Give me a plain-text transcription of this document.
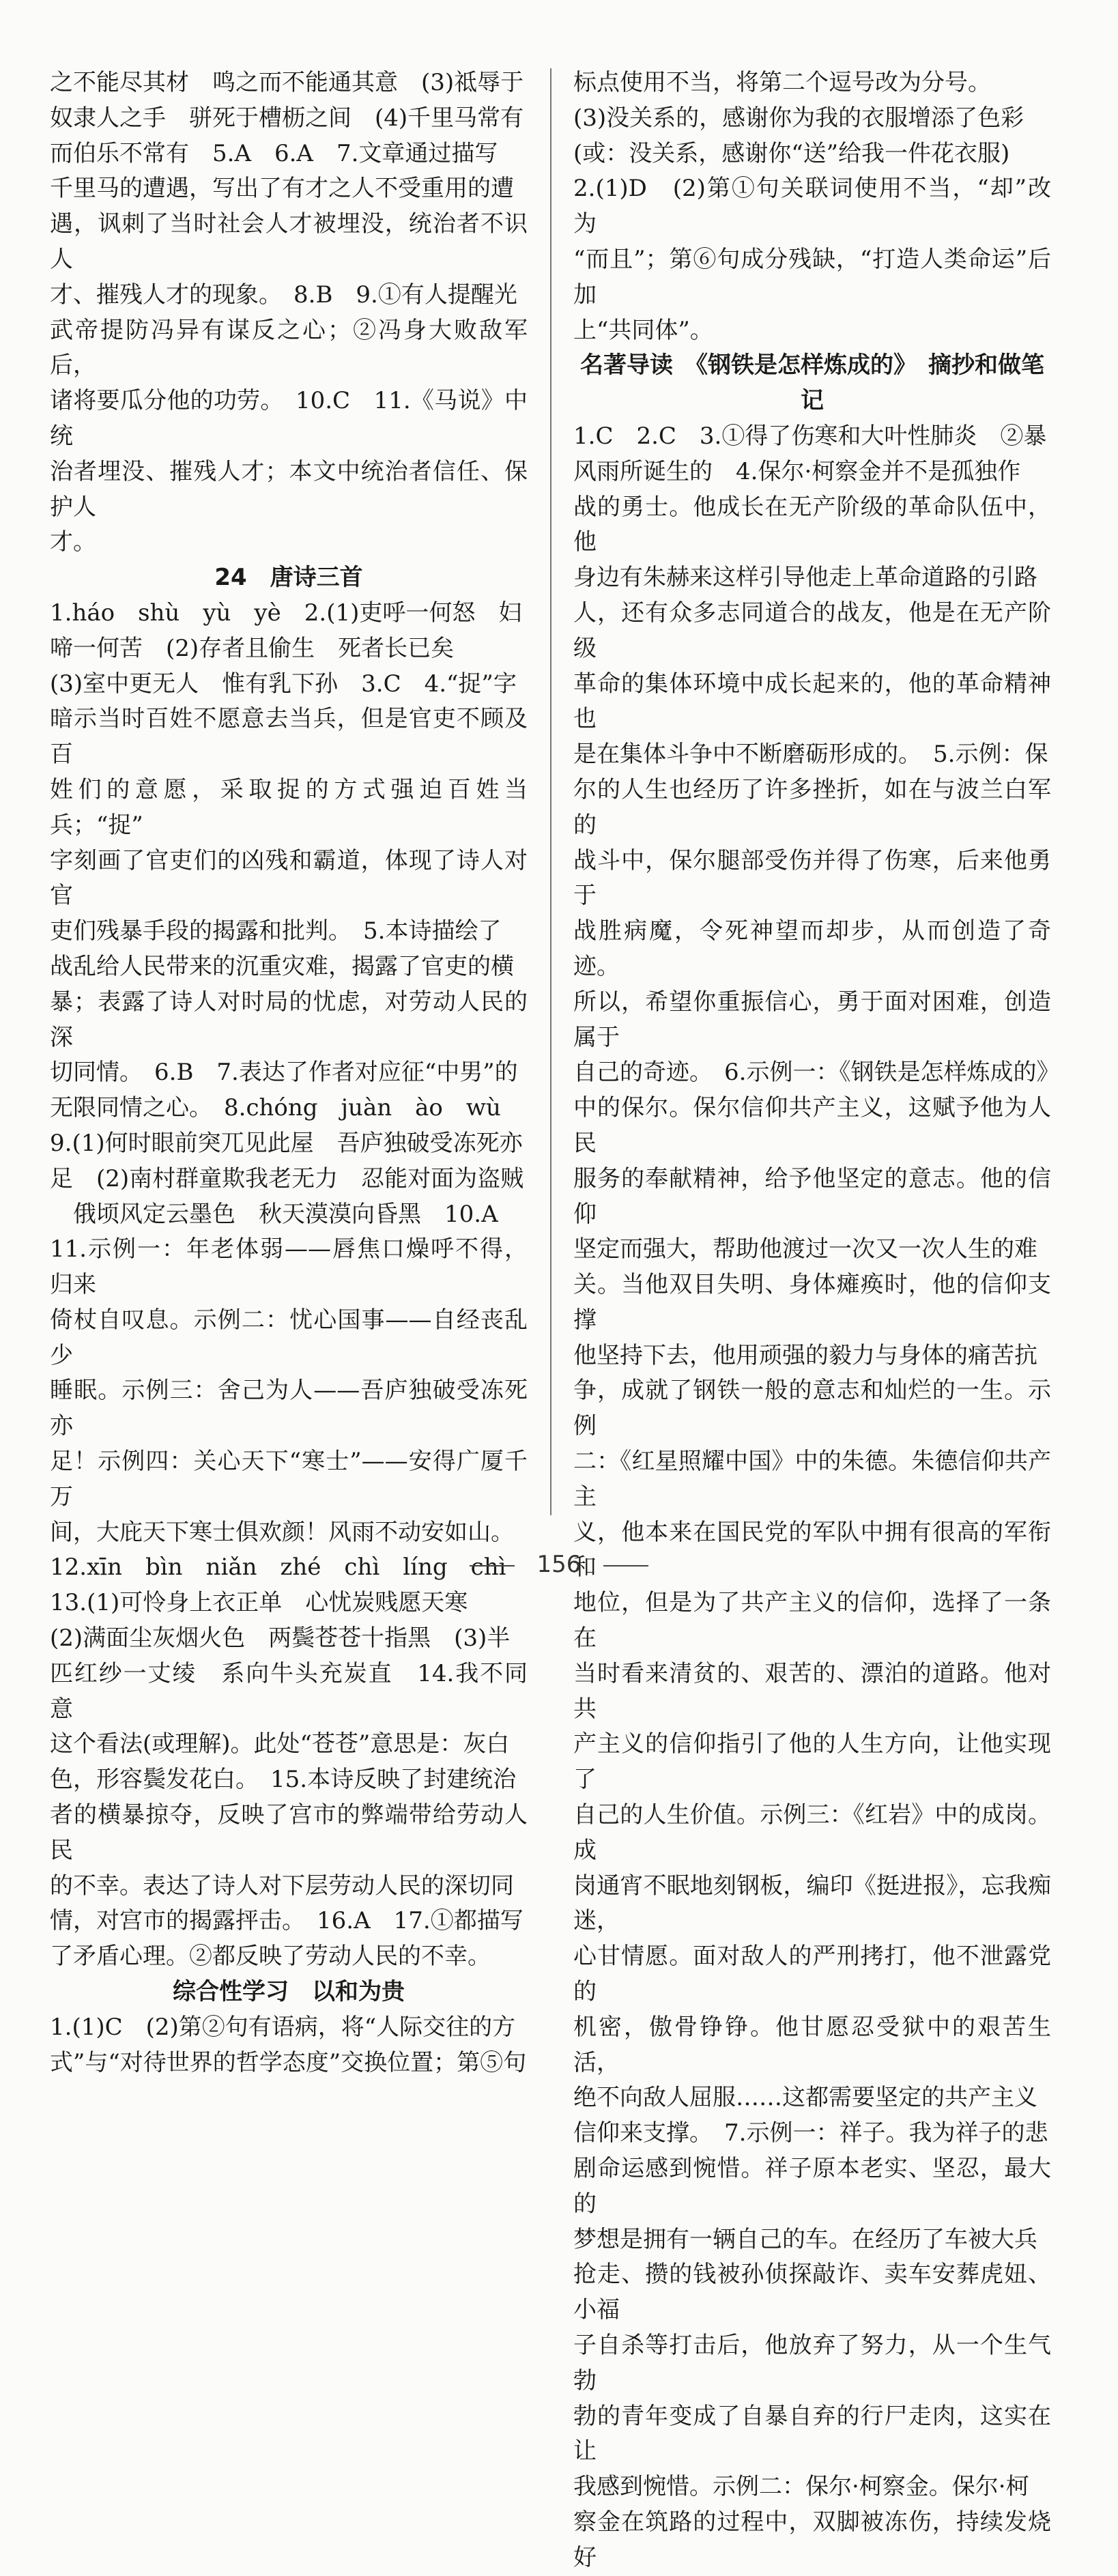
之不能尽其材　鸣之而不能通其意　(3)祗辱于

奴隶人之手　骈死于槽枥之间　(4)千里马常有

而伯乐不常有　5.A　6.A　7.文章通过描写

千里马的遭遇，写出了有才之人不受重用的遭

遇，讽刺了当时社会人才被埋没，统治者不识人

才、摧残人才的现象。　8.B　9.①有人提醒光

武帝提防冯异有谋反之心；②冯身大败敌军后，

诸将要瓜分他的功劳。　10.C　11.《马说》中统

治者埋没、摧残人才；本文中统治者信任、保护人

才。

24　唐诗三首

1.háo　shù　yù　yè　2.(1)吏呼一何怒　妇

啼一何苦　(2)存者且偷生　死者长已矣

(3)室中更无人　惟有乳下孙　3.C　4.“捉”字

暗示当时百姓不愿意去当兵，但是官吏不顾及百

姓们的意愿，采取捉的方式强迫百姓当兵；“捉”

字刻画了官吏们的凶残和霸道，体现了诗人对官

吏们残暴手段的揭露和批判。　5.本诗描绘了

战乱给人民带来的沉重灾难，揭露了官吏的横

暴；表露了诗人对时局的忧虑，对劳动人民的深

切同情。　6.B　7.表达了作者对应征“中男”的

无限同情之心。　8.chóng　juàn　ào　wù

9.(1)何时眼前突兀见此屋　吾庐独破受冻死亦

足　(2)南村群童欺我老无力　忍能对面为盗贼

　俄顷风定云墨色　秋天漠漠向昏黑　10.A

11.示例一：年老体弱——唇焦口燥呼不得，归来

倚杖自叹息。示例二：忧心国事——自经丧乱少

睡眠。示例三：舍己为人——吾庐独破受冻死亦

足！示例四：关心天下“寒士”——安得广厦千万

间，大庇天下寒士俱欢颜！风雨不动安如山。

12.xīn　bìn　niǎn　zhé　chì　líng　chì

13.(1)可怜身上衣正单　心忧炭贱愿天寒

(2)满面尘灰烟火色　两鬓苍苍十指黑　(3)半

匹红纱一丈绫　系向牛头充炭直　14.我不同意

这个看法(或理解)。此处“苍苍”意思是：灰白

色，形容鬓发花白。　15.本诗反映了封建统治

者的横暴掠夺，反映了宫市的弊端带给劳动人民

的不幸。表达了诗人对下层劳动人民的深切同

情，对宫市的揭露抨击。　16.A　17.①都描写

了矛盾心理。②都反映了劳动人民的不幸。

综合性学习　以和为贵

1.(1)C　(2)第②句有语病，将“人际交往的方

式”与“对待世界的哲学态度”交换位置；第⑤句

标点使用不当，将第二个逗号改为分号。

(3)没关系的，感谢你为我的衣服增添了色彩

(或：没关系，感谢你“送”给我一件花衣服)

2.(1)D　(2)第①句关联词使用不当，“却”改为

“而且”；第⑥句成分残缺，“打造人类命运”后加

上“共同体”。

名著导读　《钢铁是怎样炼成的》　摘抄和做笔记

1.C　2.C　3.①得了伤寒和大叶性肺炎　②暴

风雨所诞生的　4.保尔·柯察金并不是孤独作

战的勇士。他成长在无产阶级的革命队伍中，他

身边有朱赫来这样引导他走上革命道路的引路

人，还有众多志同道合的战友，他是在无产阶级

革命的集体环境中成长起来的，他的革命精神也

是在集体斗争中不断磨砺形成的。　5.示例：保

尔的人生也经历了许多挫折，如在与波兰白军的

战斗中，保尔腿部受伤并得了伤寒，后来他勇于

战胜病魔，令死神望而却步，从而创造了奇迹。

所以，希望你重振信心，勇于面对困难，创造属于

自己的奇迹。　6.示例一：《钢铁是怎样炼成的》

中的保尔。保尔信仰共产主义，这赋予他为人民

服务的奉献精神，给予他坚定的意志。他的信仰

坚定而强大，帮助他渡过一次又一次人生的难

关。当他双目失明、身体瘫痪时，他的信仰支撑

他坚持下去，他用顽强的毅力与身体的痛苦抗

争，成就了钢铁一般的意志和灿烂的一生。示例

二：《红星照耀中国》中的朱德。朱德信仰共产主

义，他本来在国民党的军队中拥有很高的军衔和

地位，但是为了共产主义的信仰，选择了一条在

当时看来清贫的、艰苦的、漂泊的道路。他对共

产主义的信仰指引了他的人生方向，让他实现了

自己的人生价值。示例三：《红岩》中的成岗。成

岗通宵不眠地刻钢板，编印《挺进报》，忘我痴迷，

心甘情愿。面对敌人的严刑拷打，他不泄露党的

机密，傲骨铮铮。他甘愿忍受狱中的艰苦生活，

绝不向敌人屈服……这都需要坚定的共产主义

信仰来支撑。　7.示例一：祥子。我为祥子的悲

剧命运感到惋惜。祥子原本老实、坚忍，最大的

梦想是拥有一辆自己的车。在经历了车被大兵

抢走、攒的钱被孙侦探敲诈、卖车安葬虎妞、小福

子自杀等打击后，他放弃了努力，从一个生气勃

勃的青年变成了自暴自弃的行尸走肉，这实在让

我感到惋惜。示例二：保尔·柯察金。保尔·柯

察金在筑路的过程中，双脚被冻伤，持续发烧好

156
